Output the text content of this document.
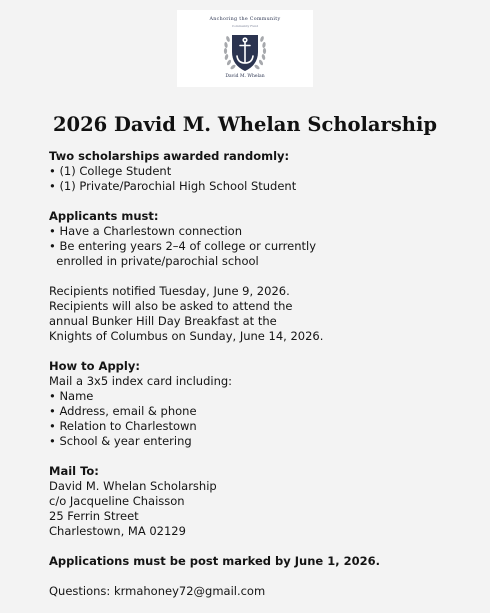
Anchoring the Community
Community Fund
David M. Whelan
2026 David M. Whelan Scholarship
Two scholarships awarded randomly:
• (1) College Student
• (1) Private/Parochial High School Student
Applicants must:
• Have a Charlestown connection
• Be entering years 2–4 of college or currently
enrolled in private/parochial school
Recipients notified Tuesday, June 9, 2026.
Recipients will also be asked to attend the
annual Bunker Hill Day Breakfast at the
Knights of Columbus on Sunday, June 14, 2026.
How to Apply:
Mail a 3x5 index card including:
• Name
• Address, email & phone
• Relation to Charlestown
• School & year entering
Mail To:
David M. Whelan Scholarship
c/o Jacqueline Chaisson
25 Ferrin Street
Charlestown, MA 02129
Applications must be post marked by June 1, 2026.
Questions: krmahoney72@gmail.com
